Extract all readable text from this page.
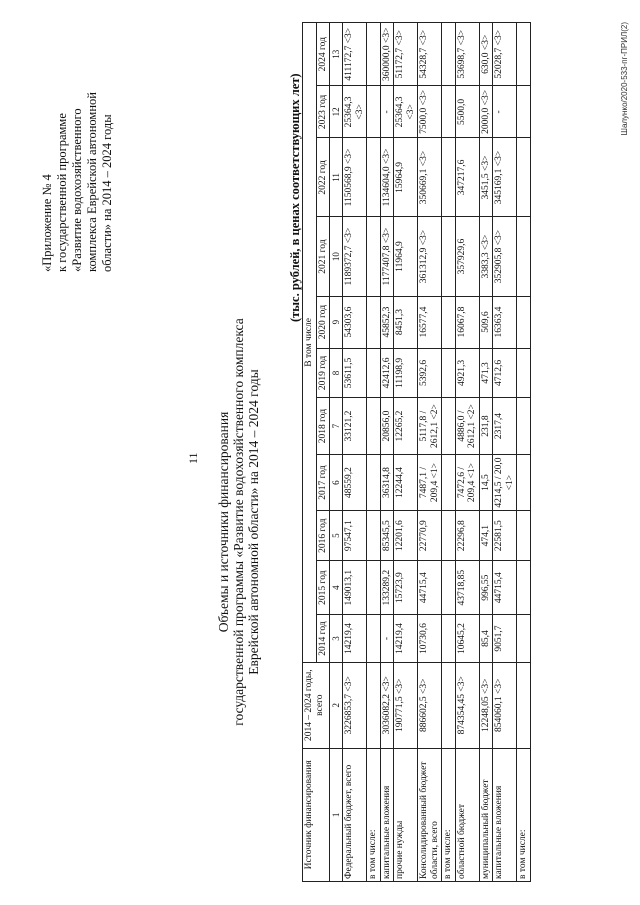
11
«Приложение № 4 к государственной программе «Развитие водохозяйственного комплекса Еврейской автономной области» на 2014 – 2024 годы
Объемы и источники финансирования государственной программы «Развитие водохозяйственного комплекса Еврейской автономной области» на 2014 – 2024 годы
(тыс. рублей, в ценах соответствующих лет)
Источник финансирования	2014 – 2024 годы, всего	В том числе										
		2014 год	2015 год	2016 год	2017 год	2018 год	2019 год	2020 год	2021 год	2022 год	2023 год	2024 год
1	2	3	4	5	6	7	8	9	10	11	12	13
Федеральный бюджет, всего	3226853,7 <3>	14219,4	149013,1	97547,1	48559,2	33121,2	53611,5	54303,6	1189372,7 <3>	1150568,9 <3>	25364,3 <3>	411172,7 <3>
в том числе:												
капитальные вложения	3036082,2 <3>	-	133289,2	85345,5	36314,8	20856,0	42412,6	45852,3	1177407,8 <3>	1134604,0 <3>	-	360000,0 <3>
прочие нужды	190771,5 <3>	14219,4	15723,9	12201,6	12244,4	12265,2	11198,9	8451,3	11964,9	15964,9	25364,3 <3>	51172,7 <3>
Консолидированный бюджет области, всего	886602,5 <3>	10730,6	44715,4	22770,9	7487,1 / 209,4 <1>	5117,8 / 2612,1 <2>	5392,6	16577,4	361312,9 <3>	350669,1 <3>	7500,0 <3>	54328,7 <3>
в том числе:												
областной бюджет	874354,45 <3>	10645,2	43718,85	22296,8	7472,6 / 209,4 <1>	4886,0 / 2612,1 <2>	4921,3	16067,8	357929,6	347217,6	5500,0	53698,7 <3>
муниципальный бюджет	12248,05 <3>	85,4	996,55	474,1	14,5	231,8	471,3	509,6	3383,3 <3>	3451,5 <3>	2000,0 <3>	630,0 <3>
капитальные вложения	854060,1 <3>	9051,7	44715,4	22581,5	4214,5 / 20,0 <1>	2317,4	4712,6	16363,4	352905,8 <3>	345169,1 <3>	-	52028,7 <3>
в том числе:												
Шалунко/2020-533-пг-ПРИЛ(2)
